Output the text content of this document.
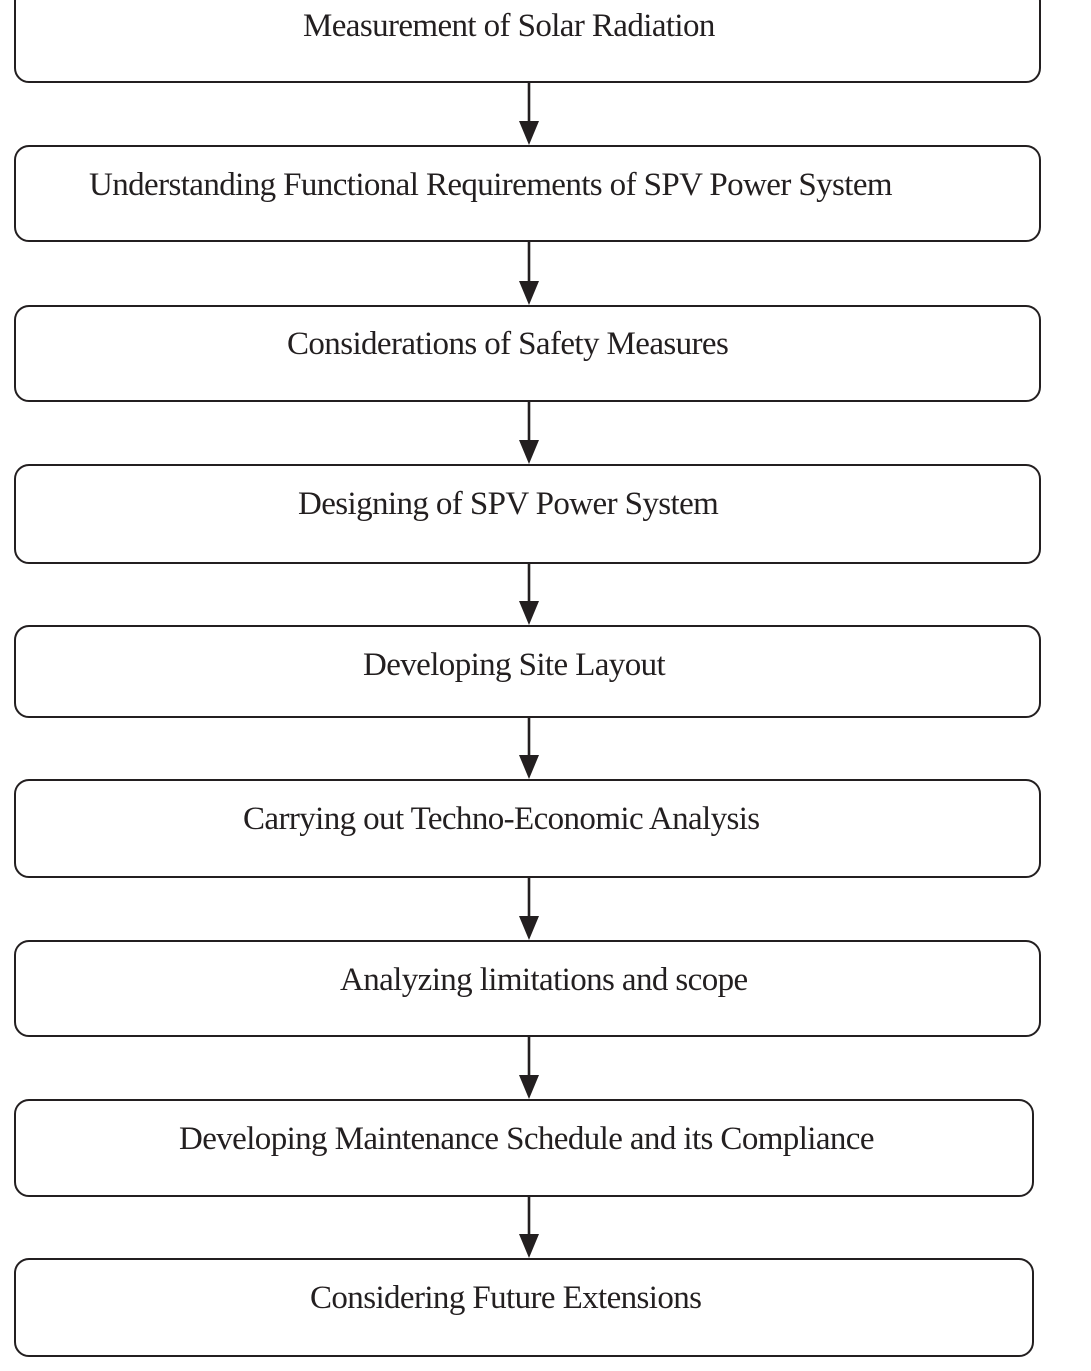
Measurement of Solar Radiation
Understanding Functional Requirements of SPV Power System
Considerations of Safety Measures
Designing of SPV Power System
Developing Site Layout
Carrying out Techno-Economic Analysis
Analyzing limitations and scope
Developing Maintenance Schedule and its Compliance
Considering Future Extensions
